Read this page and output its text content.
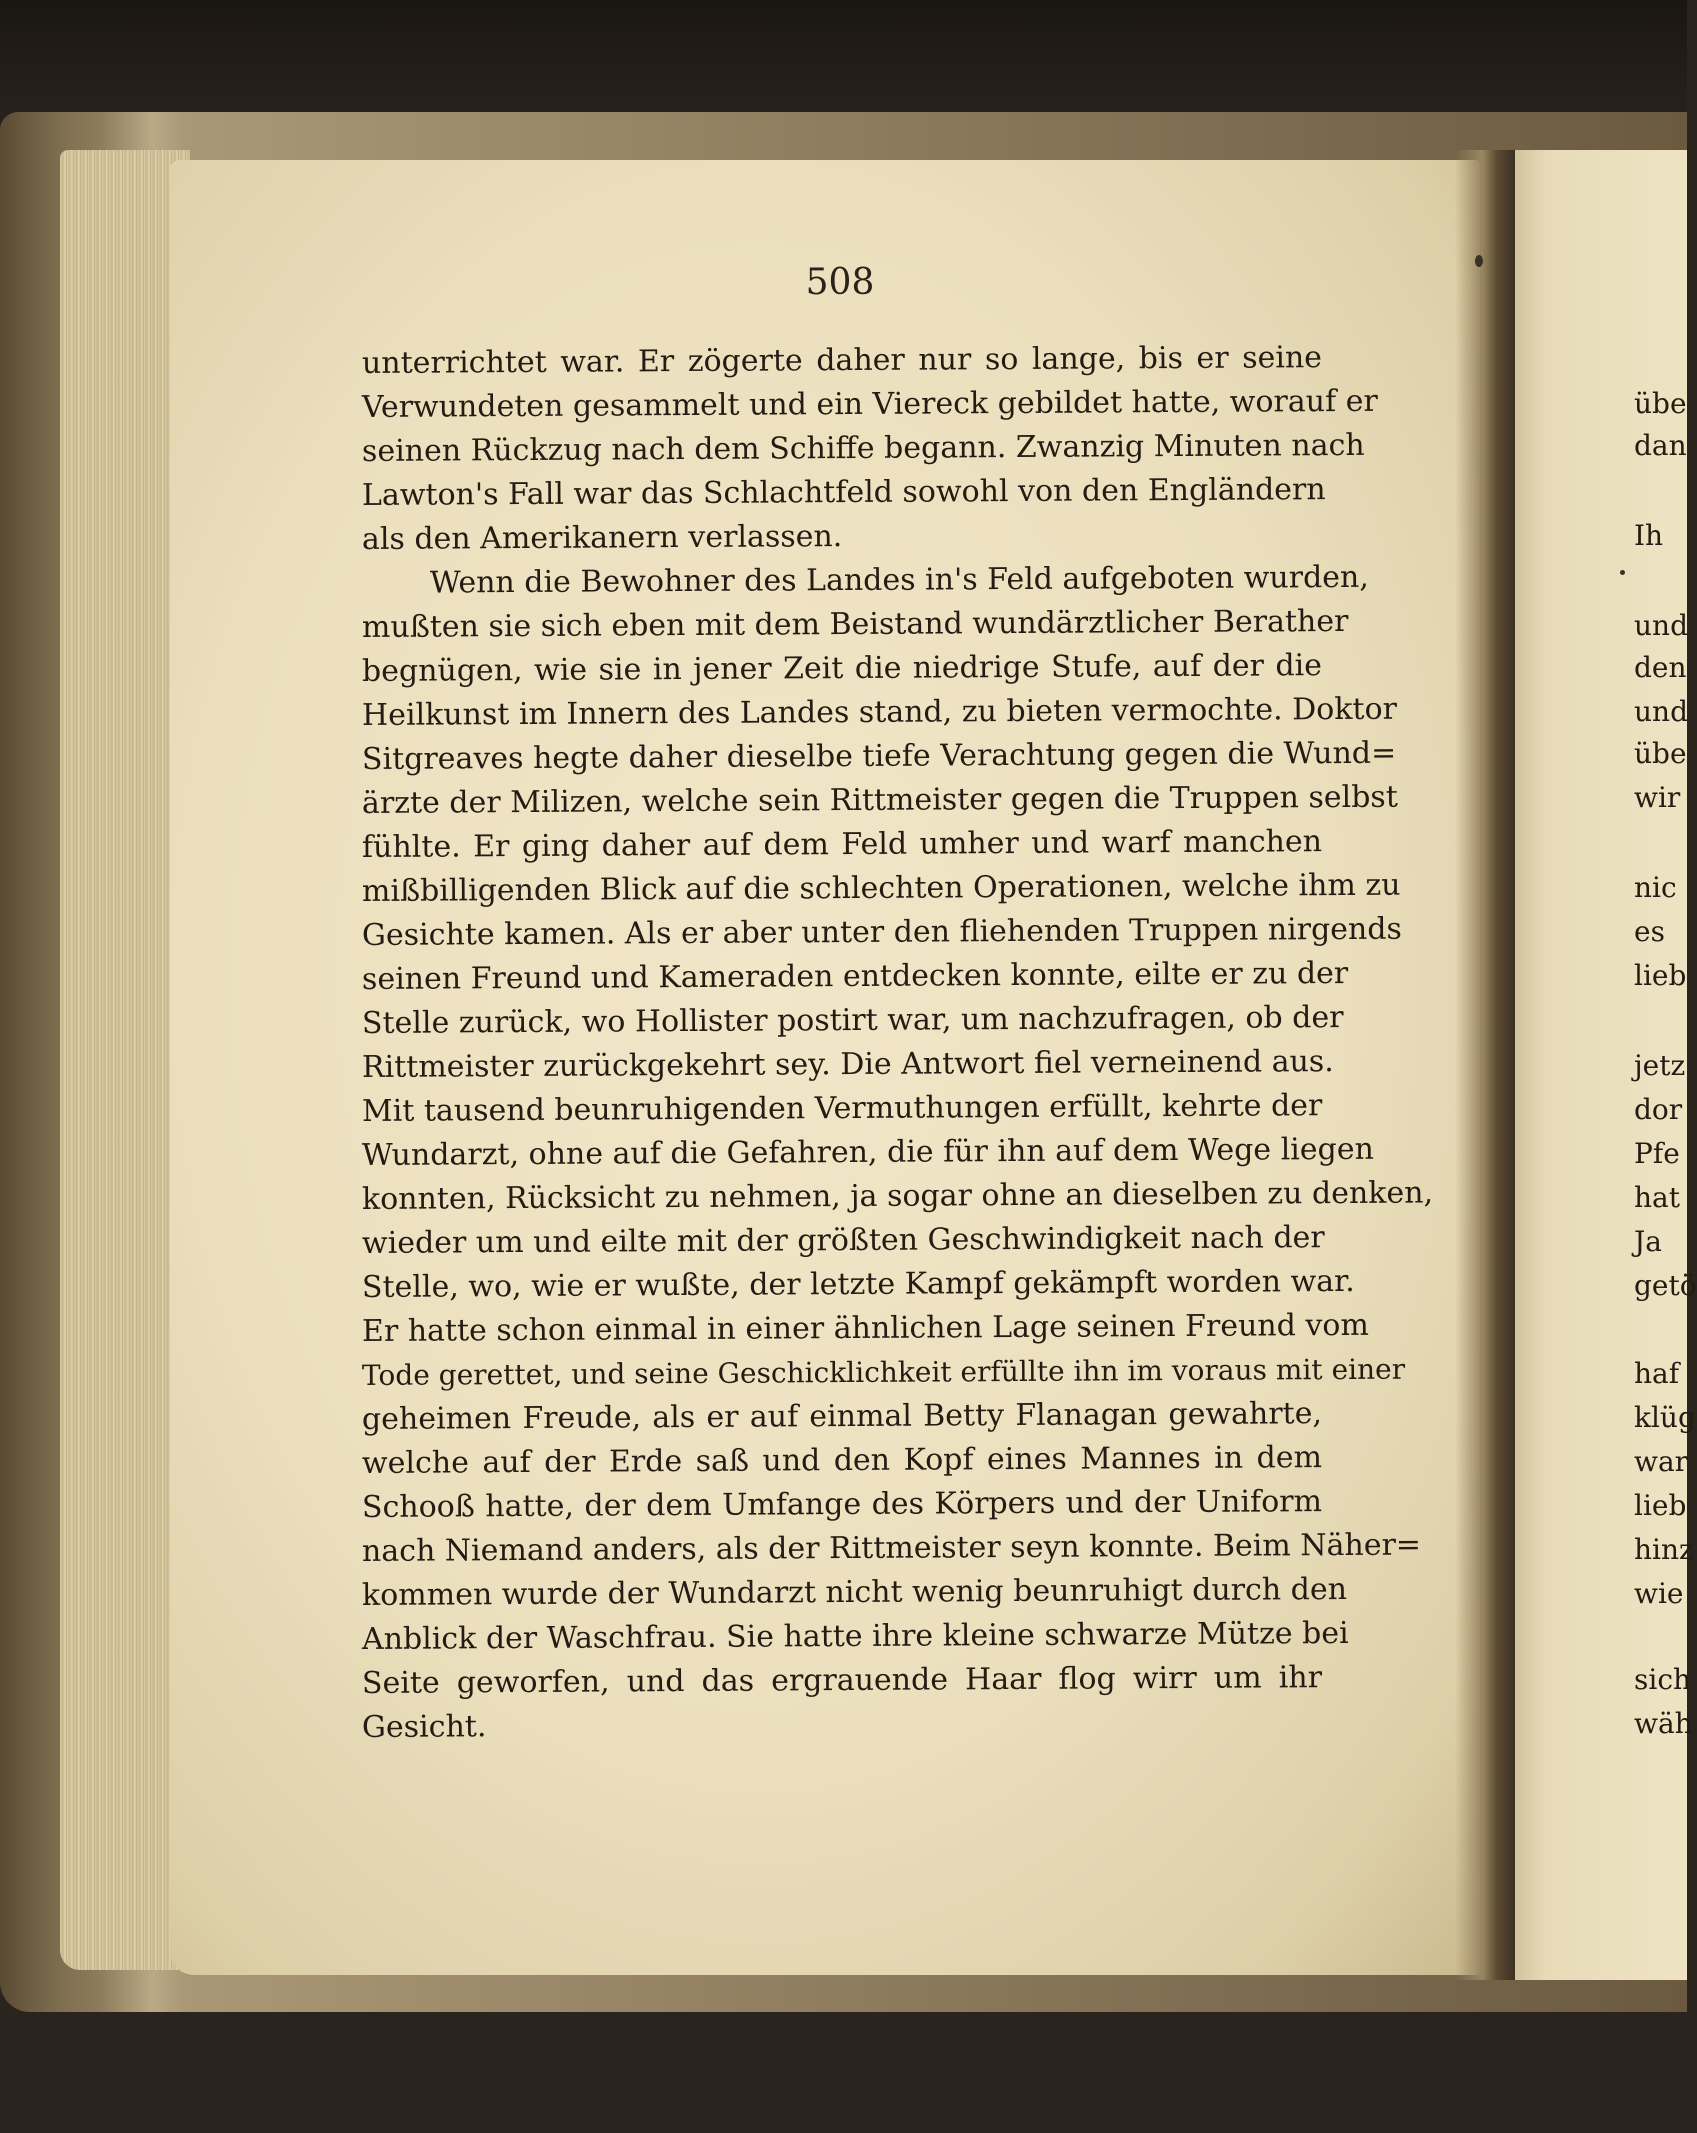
508
unterrichtet war. Er zögerte daher nur so lange, bis er seine
Verwundeten gesammelt und ein Viereck gebildet hatte, worauf er
seinen Rückzug nach dem Schiffe begann. Zwanzig Minuten nach
Lawton's Fall war das Schlachtfeld sowohl von den Engländern
als den Amerikanern verlassen.
Wenn die Bewohner des Landes in's Feld aufgeboten wurden,
mußten sie sich eben mit dem Beistand wundärztlicher Berather
begnügen, wie sie in jener Zeit die niedrige Stufe, auf der die
Heilkunst im Innern des Landes stand, zu bieten vermochte. Doktor
Sitgreaves hegte daher dieselbe tiefe Verachtung gegen die Wund=
ärzte der Milizen, welche sein Rittmeister gegen die Truppen selbst
fühlte. Er ging daher auf dem Feld umher und warf manchen
mißbilligenden Blick auf die schlechten Operationen, welche ihm zu
Gesichte kamen. Als er aber unter den fliehenden Truppen nirgends
seinen Freund und Kameraden entdecken konnte, eilte er zu der
Stelle zurück, wo Hollister postirt war, um nachzufragen, ob der
Rittmeister zurückgekehrt sey. Die Antwort fiel verneinend aus.
Mit tausend beunruhigenden Vermuthungen erfüllt, kehrte der
Wundarzt, ohne auf die Gefahren, die für ihn auf dem Wege liegen
konnten, Rücksicht zu nehmen, ja sogar ohne an dieselben zu denken,
wieder um und eilte mit der größten Geschwindigkeit nach der
Stelle, wo, wie er wußte, der letzte Kampf gekämpft worden war.
Er hatte schon einmal in einer ähnlichen Lage seinen Freund vom
Tode gerettet, und seine Geschicklichkeit erfüllte ihn im voraus mit einer
geheimen Freude, als er auf einmal Betty Flanagan gewahrte,
welche auf der Erde saß und den Kopf eines Mannes in dem
Schooß hatte, der dem Umfange des Körpers und der Uniform
nach Niemand anders, als der Rittmeister seyn konnte. Beim Näher=
kommen wurde der Wundarzt nicht wenig beunruhigt durch den
Anblick der Waschfrau. Sie hatte ihre kleine schwarze Mütze bei
Seite geworfen, und das ergrauende Haar flog wirr um ihr
Gesicht.
übe
dan
Ih
und
den
und
übe
wir
nic
es
lieb
jetz
dor
Pfe
hat
Ja
getö
haf
klüg
war
lieb
hinz
wie
sich
wäh
